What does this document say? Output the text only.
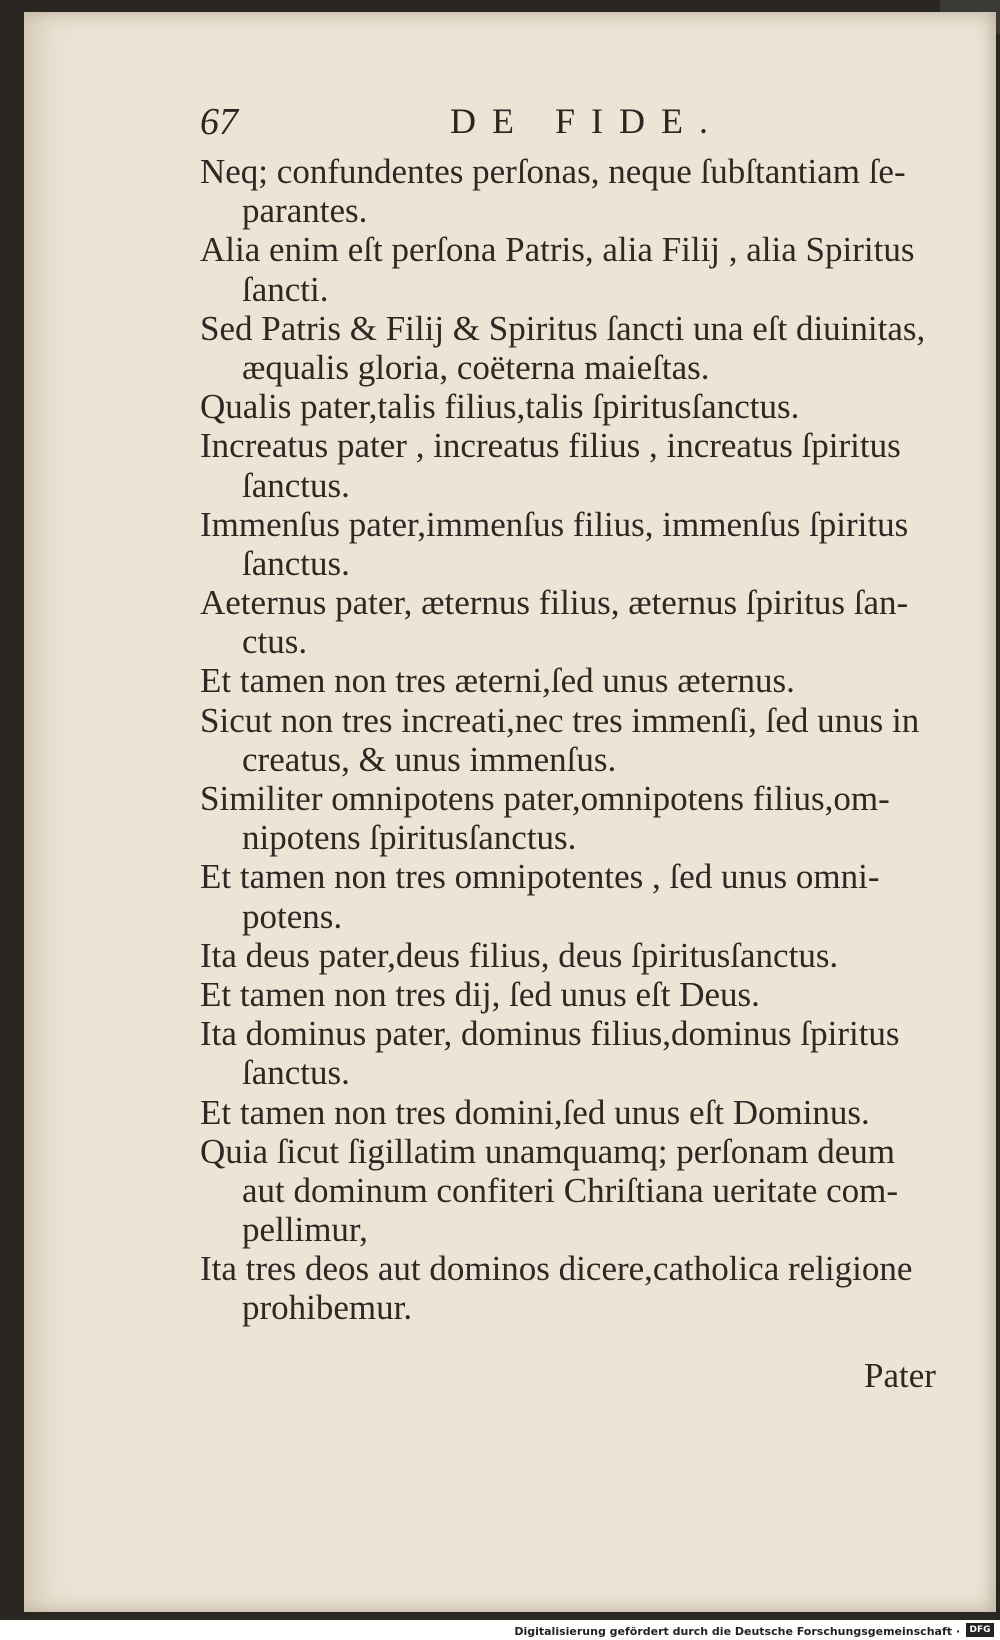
67	DE FIDE.
Neq; confundentes perſonas, neque ſubſtantiam ſe-
parantes.
Alia enim eſt perſona Patris, alia Filij , alia Spiritus
ſancti.
Sed Patris & Filij & Spiritus ſancti una eſt diuinitas,
æqualis gloria, coëterna maieſtas.
Qualis pater,talis filius,talis ſpiritusſanctus.
Increatus pater , increatus filius , increatus ſpiritus
ſanctus.
Immenſus pater,immenſus filius, immenſus ſpiritus
ſanctus.
Aeternus pater, æternus filius, æternus ſpiritus ſan-
ctus.
Et tamen non tres æterni,ſed unus æternus.
Sicut non tres increati,nec tres immenſi, ſed unus in
creatus, & unus immenſus.
Similiter omnipotens pater,omnipotens filius,om-
nipotens ſpiritusſanctus.
Et tamen non tres omnipotentes , ſed unus omni-
potens.
Ita deus pater,deus filius, deus ſpiritusſanctus.
Et tamen non tres dij, ſed unus eſt Deus.
Ita dominus pater, dominus filius,dominus ſpiritus
ſanctus.
Et tamen non tres domini,ſed unus eſt Dominus.
Quia ſicut ſigillatim unamquamq; perſonam deum
aut dominum confiteri Chriſtiana ueritate com-
pellimur,
Ita tres deos aut dominos dicere,catholica religione
prohibemur.
Pater
Digitalisierung gefördert durch die Deutsche Forschungsgemeinschaft ·	DFG
